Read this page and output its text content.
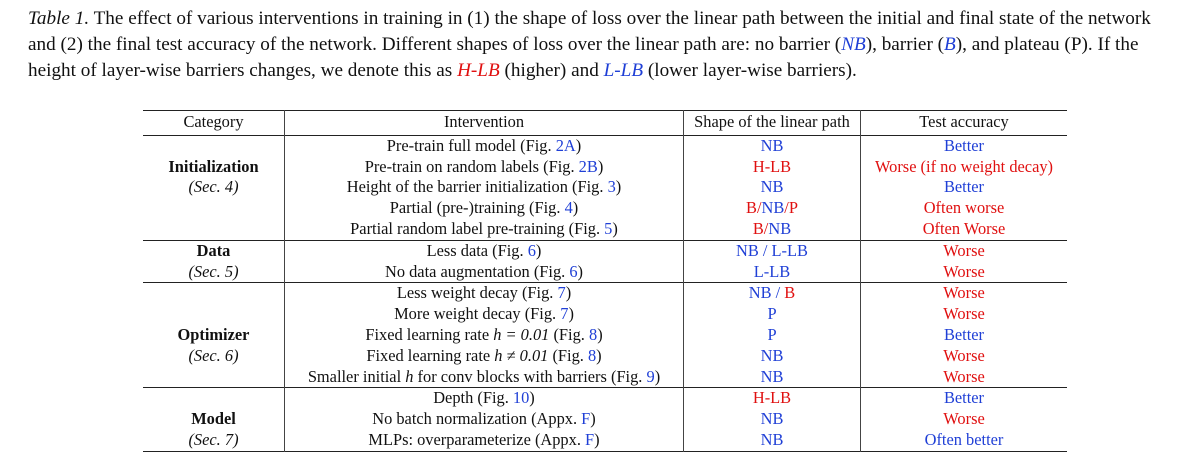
Table 1. The effect of various interventions in training in (1) the shape of loss over the linear path between the initial and final state of the network and (2) the final test accuracy of the network. Different shapes of loss over the linear path are: no barrier (NB), barrier (B), and plateau (P). If the height of layer-wise barriers changes, we denote this as H-LB (higher) and L-LB (lower layer-wise barriers).
Category	Intervention	Shape of the linear path	Test accuracy
	Pre-train full model (Fig. 2A)	NB	Better
Initialization	Pre-train on random labels (Fig. 2B)	H-LB	Worse (if no weight decay)
(Sec. 4)	Height of the barrier initialization (Fig. 3)	NB	Better
	Partial (pre-)training (Fig. 4)	B/NB/P	Often worse
	Partial random label pre-training (Fig. 5)	B/NB	Often Worse
Data	Less data (Fig. 6)	NB / L-LB	Worse
(Sec. 5)	No data augmentation (Fig. 6)	L-LB	Worse
	Less weight decay (Fig. 7)	NB / B	Worse
	More weight decay (Fig. 7)	P	Worse
Optimizer	Fixed learning rate h = 0.01 (Fig. 8)	P	Better
(Sec. 6)	Fixed learning rate h ≠ 0.01 (Fig. 8)	NB	Worse
	Smaller initial h for conv blocks with barriers (Fig. 9)	NB	Worse
	Depth (Fig. 10)	H-LB	Better
Model	No batch normalization (Appx. F)	NB	Worse
(Sec. 7)	MLPs: overparameterize (Appx. F)	NB	Often better
